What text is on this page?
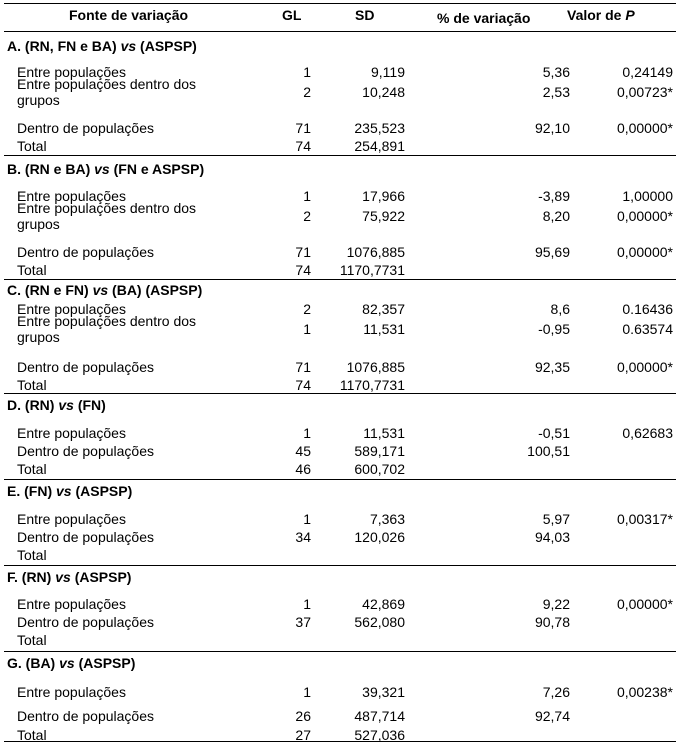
Fonte de variação	GL	SD	% de variação	Valor de P
A. (RN, FN e BA) vs (ASPSP)
Entre populações	1	9,119	5,36	0,24149
Entre populações dentro dos grupos	2	10,248	2,53	0,00723*
Dentro de populações	71	235,523	92,10	0,00000*
Total	74	254,891
B. (RN e BA) vs (FN e ASPSP)
Entre populações	1	17,966	-3,89	1,00000
Entre populações dentro dos grupos	2	75,922	8,20	0,00000*
Dentro de populações	71	1076,885	95,69	0,00000*
Total	74 1170,7731
C. (RN e FN) vs (BA) (ASPSP)
Entre populações	2	82,357	8,6	0.16436
Entre populações dentro dos grupos	1	11,531	-0,95	0.63574
Dentro de populações	71	1076,885	92,35	0,00000*
Total	74 1170,7731
D. (RN) vs (FN)
Entre populações	1	11,531	-0,51	0,62683
Dentro de populações	45	589,171	100,51
Total	46	600,702
E. (FN) vs (ASPSP)
Entre populações	1	7,363	5,97	0,00317*
Dentro de populações	34	120,026	94,03
Total
F. (RN) vs (ASPSP)
Entre populações	1	42,869	9,22	0,00000*
Dentro de populações	37	562,080	90,78
Total
G. (BA) vs (ASPSP)
Entre populações	1	39,321	7,26	0,00238*
Dentro de populações	26	487,714	92,74
Total	27	527,036
